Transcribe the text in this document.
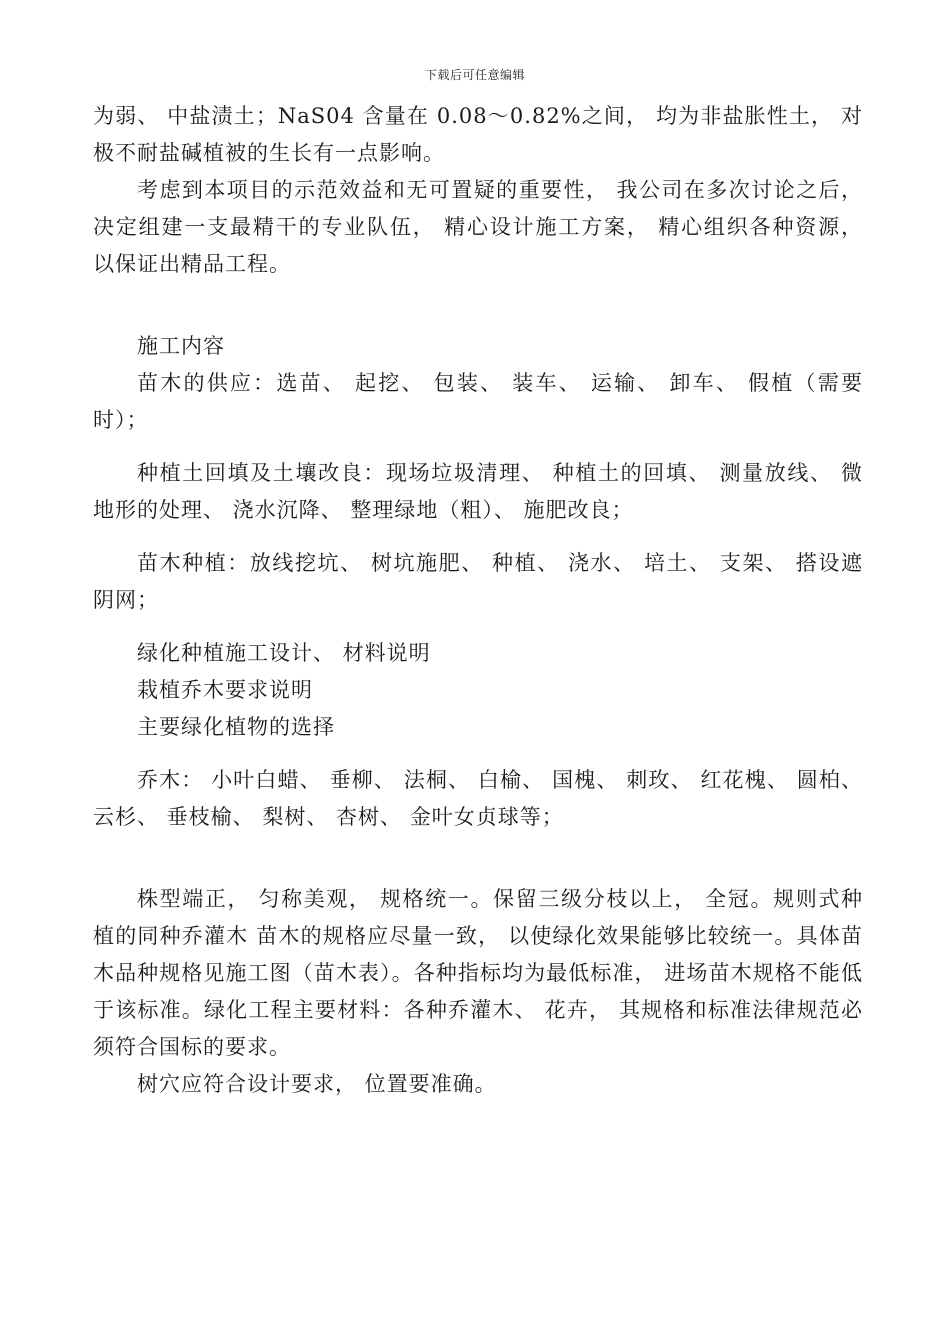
下载后可任意编辑

为弱、 中盐渍土；NaS04 含量在 0.08～0.82%之间， 均为非盐胀性土， 对极不耐盐碱植被的生长有一点影响。

考虑到本项目的示范效益和无可置疑的重要性， 我公司在多次讨论之后， 决定组建一支最精干的专业队伍， 精心设计施工方案， 精心组织各种资源， 以保证出精品工程。

施工内容

苗木的供应：选苗、 起挖、 包装、 装车、 运输、 卸车、 假植（需要时）；

种植土回填及土壤改良：现场垃圾清理、 种植土的回填、 测量放线、 微地形的处理、 浇水沉降、 整理绿地（粗）、 施肥改良；

苗木种植：放线挖坑、 树坑施肥、 种植、 浇水、 培土、 支架、 搭设遮阴网；

绿化种植施工设计、 材料说明

栽植乔木要求说明

主要绿化植物的选择

乔木： 小叶白蜡、 垂柳、 法桐、 白榆、 国槐、 刺玫、 红花槐、 圆柏、 云杉、 垂枝榆、 梨树、 杏树、 金叶女贞球等；

株型端正， 匀称美观， 规格统一。保留三级分枝以上， 全冠。规则式种植的同种乔灌木 苗木的规格应尽量一致， 以使绿化效果能够比较统一。具体苗木品种规格见施工图（苗木表）。各种指标均为最低标准， 进场苗木规格不能低于该标准。绿化工程主要材料：各种乔灌木、 花卉， 其规格和标准法律规范必须符合国标的要求。

树穴应符合设计要求， 位置要准确。
